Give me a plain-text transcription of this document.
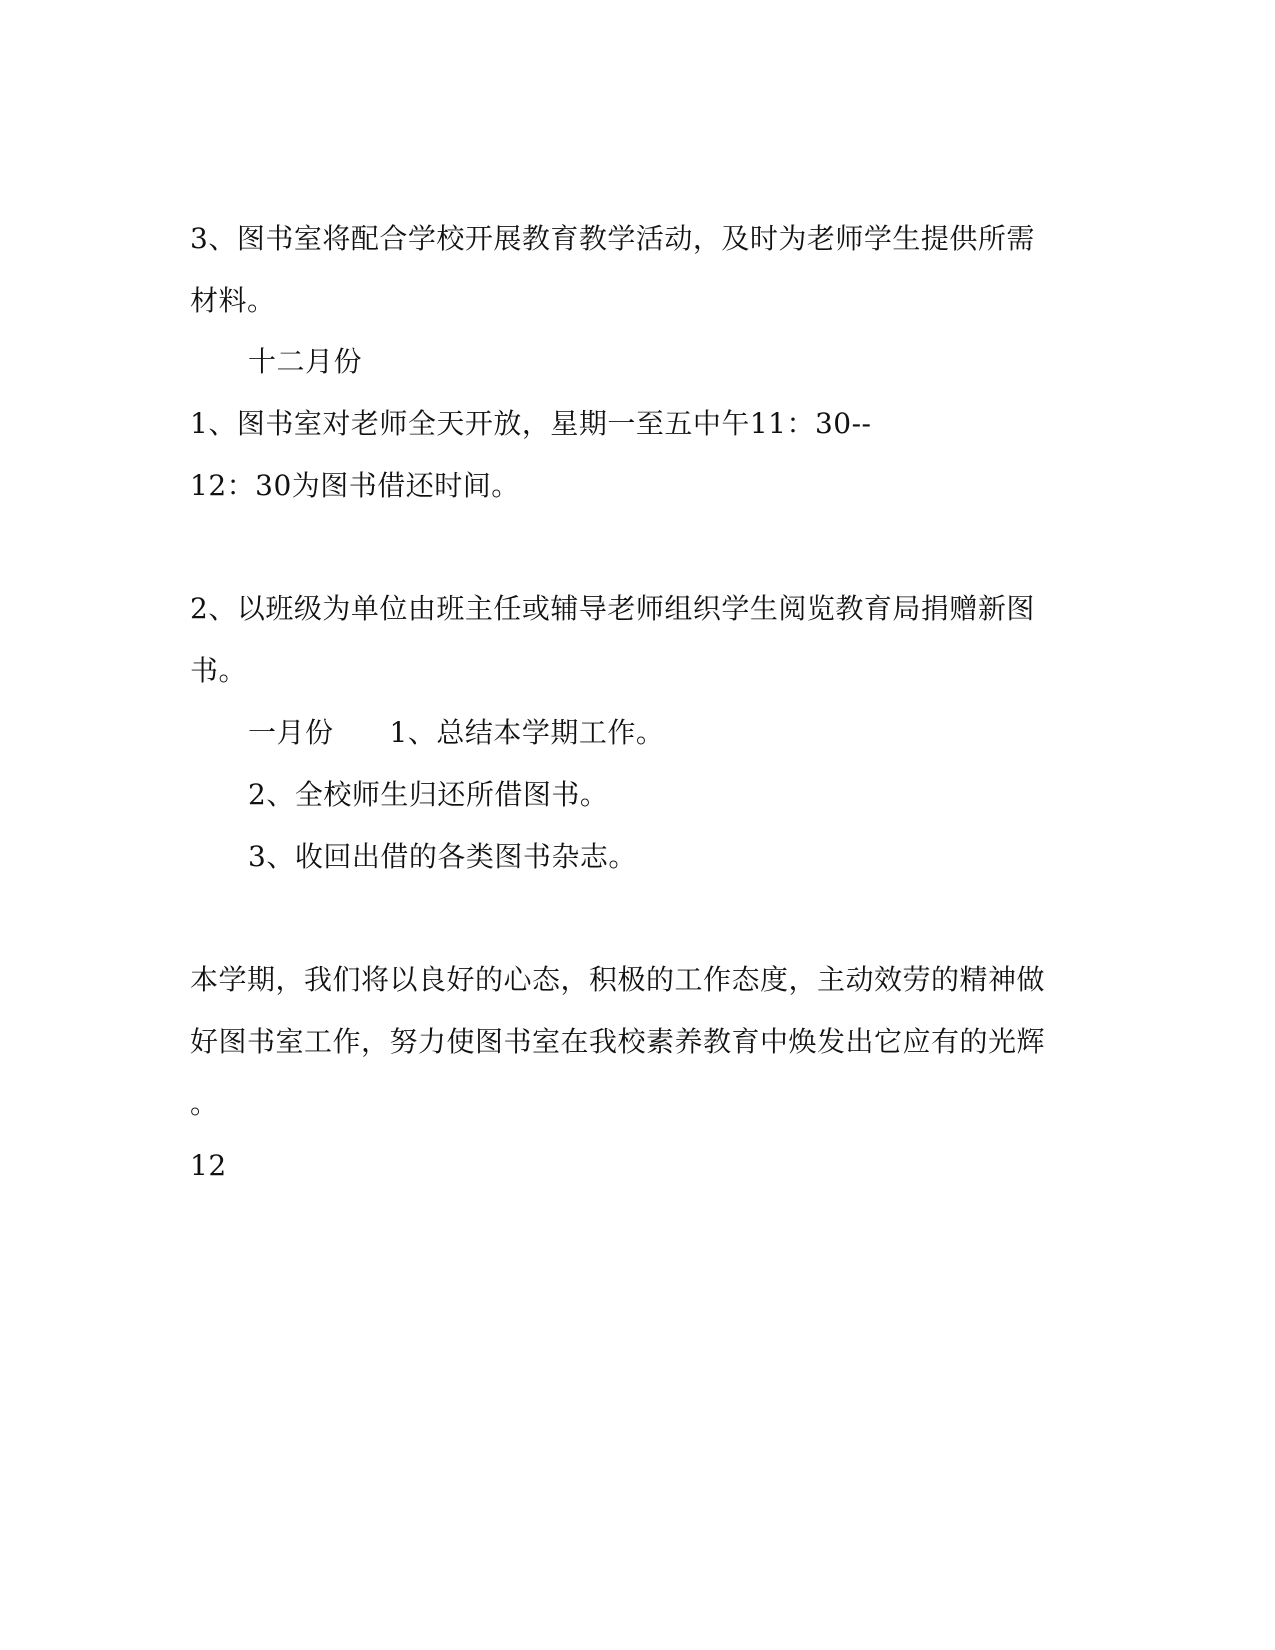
3、图书室将配合学校开展教育教学活动，及时为老师学生提供所需
材料。
十二月份
1、图书室对老师全天开放，星期一至五中午11：30--
12：30为图书借还时间。
2、以班级为单位由班主任或辅导老师组织学生阅览教育局捐赠新图
书。
一月份 1、总结本学期工作。
2、全校师生归还所借图书。
3、收回出借的各类图书杂志。
本学期，我们将以良好的心态，积极的工作态度，主动效劳的精神做
好图书室工作，努力使图书室在我校素养教育中焕发出它应有的光辉
。
12
